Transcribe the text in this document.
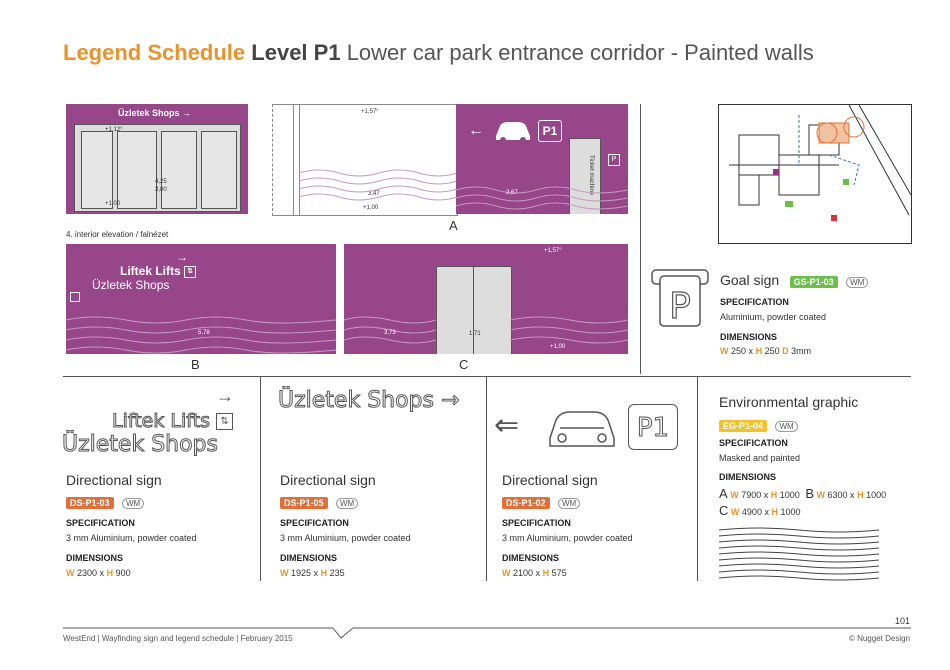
Legend Schedule Level P1 Lower car park entrance corridor - Painted walls
Üzletek Shops →
+1,12°
+1,00
4,25
3,80
+1,57°
3,47
+1,00
←	P1
Ticket machine	P
2,67
A
4. interior elevation / falnézet
→
Liftek Lifts ⇅
Üzletek Shops
5,78
B
+1,57°
1,71
3,73
+1,00
C
P
Goal sign GS-P1-03 WM
SPECIFICATION
Aluminium, powder coated
DIMENSIONS
W 250 x H 250 D 3mm
→
Liftek Lifts ⇅
Üzletek Shops
Directional sign
DS-P1-03 WM
SPECIFICATION
3 mm Aluminium, powder coated
DIMENSIONS
W 2300 x H 900
Üzletek Shops →
Directional sign
DS-P1-05 WM
SPECIFICATION
3 mm Aluminium, powder coated
DIMENSIONS
W 1925 x H 235
⇐	P1
Directional sign
DS-P1-02 WM
SPECIFICATION
3 mm Aluminium, powder coated
DIMENSIONS
W 2100 x H 575
Environmental graphic
EG-P1-04 WM
SPECIFICATION
Masked and painted
DIMENSIONS
A W 7900 x H 1000 B W 6300 x H 1000
C W 4900 x H 1000
101
WestEnd | Wayfinding sign and legend schedule | February 2015	© Nugget Design
